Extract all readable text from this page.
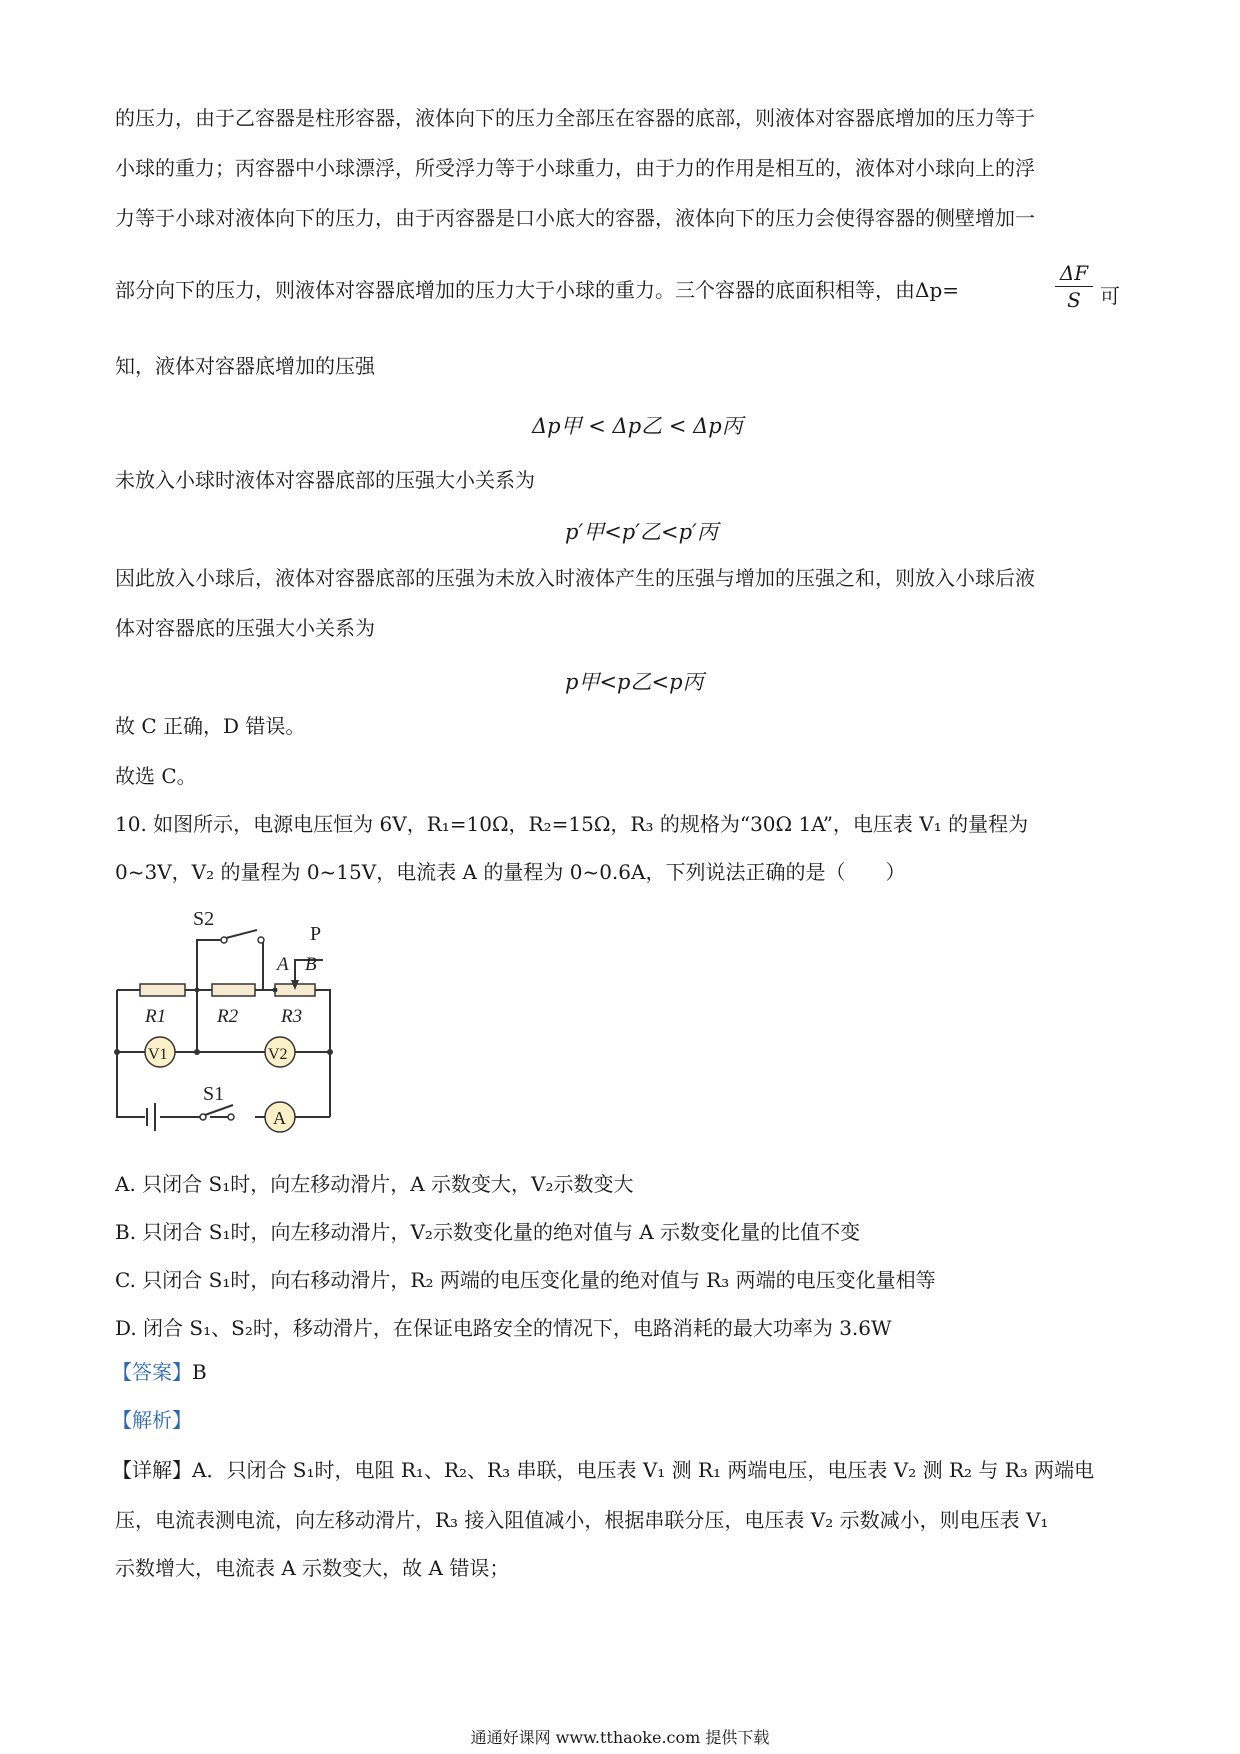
的压力，由于乙容器是柱形容器，液体向下的压力全部压在容器的底部，则液体对容器底增加的压力等于
小球的重力；丙容器中小球漂浮，所受浮力等于小球重力，由于力的作用是相互的，液体对小球向上的浮
力等于小球对液体向下的压力，由于丙容器是口小底大的容器，液体向下的压力会使得容器的侧壁增加一
部分向下的压力，则液体对容器底增加的压力大于小球的重力。三个容器的底面积相等，由Δp=
ΔF
S 可
知，液体对容器底增加的压强
Δp甲 < Δp乙 < Δp丙
未放入小球时液体对容器底部的压强大小关系为
p′甲<p′乙<p′丙
因此放入小球后，液体对容器底部的压强为未放入时液体产生的压强与增加的压强之和，则放入小球后液
体对容器底的压强大小关系为
p甲<p乙<p丙
故 C 正确，D 错误。
故选 C。
10. 如图所示，电源电压恒为 6V，R₁=10Ω，R₂=15Ω，R₃ 的规格为“30Ω 1A”，电压表 V₁ 的量程为
0~3V，V₂ 的量程为 0~15V，电流表 A 的量程为 0~0.6A，下列说法正确的是（　　）
S2
P
A B
R1	R2 R3
V1	V2
S1
A
A. 只闭合 S₁时，向左移动滑片，A 示数变大，V₂示数变大
B. 只闭合 S₁时，向左移动滑片，V₂示数变化量的绝对值与 A 示数变化量的比值不变
C. 只闭合 S₁时，向右移动滑片，R₂ 两端的电压变化量的绝对值与 R₃ 两端的电压变化量相等
D. 闭合 S₁、S₂时，移动滑片，在保证电路安全的情况下，电路消耗的最大功率为 3.6W
【答案】B
【解析】
【详解】A．只闭合 S₁时，电阻 R₁、R₂、R₃ 串联，电压表 V₁ 测 R₁ 两端电压，电压表 V₂ 测 R₂ 与 R₃ 两端电
压，电流表测电流，向左移动滑片，R₃ 接入阻值减小，根据串联分压，电压表 V₂ 示数减小，则电压表 V₁
示数增大，电流表 A 示数变大，故 A 错误；
通通好课网 www.tthaoke.com 提供下载
